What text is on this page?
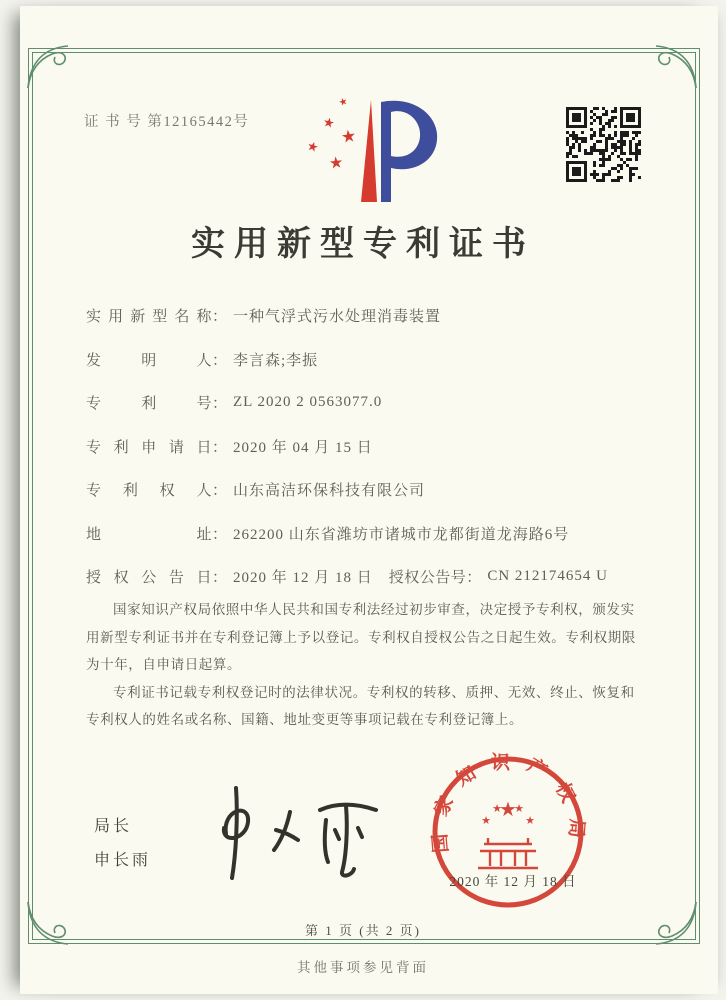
证 书 号 第12165442号
★
★
★
★
★
实用新型专利证书
实用新型名称 ： 一种气浮式污水处理消毒装置
发明人 ： 李言森;李振
专利号 ： ZL 2020 2 0563077.0
专利申请日 ： 2020 年 04 月 15 日
专利权人 ： 山东高洁环保科技有限公司
地址 ： 262200 山东省潍坊市诸城市龙都街道龙海路6号
授权公告日 ： 2020 年 12 月 18 日 授权公告号 ： CN 212174654 U

国家知识产权局依照中华人民共和国专利法经过初步审查，决定授予专利权，颁发实用新型专利证书并在专利登记簿上予以登记。专利权自授权公告之日起生效。专利权期限为十年，自申请日起算。

专利证书记载专利权登记时的法律状况。专利权的转移、质押、无效、终止、恢复和专利权人的姓名或名称、国籍、地址变更等事项记载在专利登记簿上。

局长
申长雨
国家知识产权局
★
★
★ ★
★
2020 年 12 月 18 日
第 1 页 (共 2 页)
其他事项参见背面
